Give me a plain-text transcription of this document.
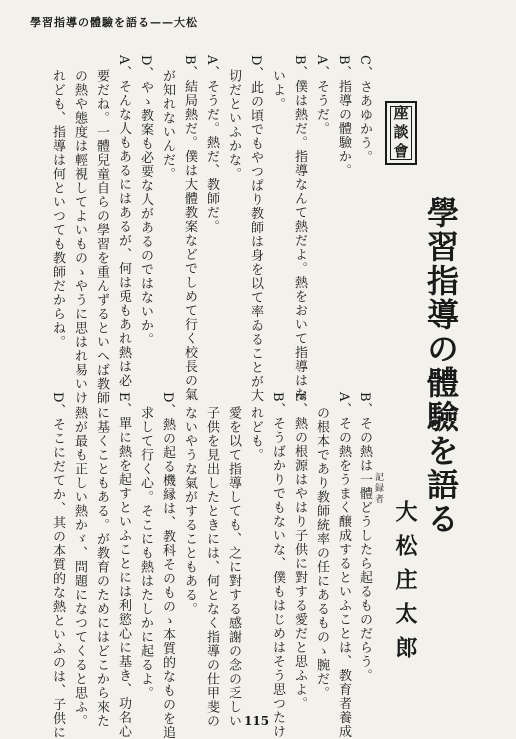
學習指導の體驗を語る——大松
C、さあゆかう。
B、指導の體驗か。
A、そうだ。
B、僕は熱だ。指導なんて熱だよ。熱をおいて指導はな
　いよ。
D、此の頃でもやつぱり教師は身を以て率ゐることが大
　切だといふかな。
A、そうだ。熱だ、教師だ。
B、結局熱だ。僕は大體教案などでしめて行く校長の氣
　が知れないんだ。
D、やゝ教案も必要な人があるのではないか。
A、そんな人もあるにはあるが、何は兎もあれ熱は必
　要だね。一體兒童自らの學習を重んずるといへば教師
　の熱や態度は輕視してよいものゝやうに思はれ易いけ
　れども、指導は何といつても教師だからね。	座談會
學習指導の體驗を語る
記録者
大松庄太郎
B、その熱は一體どうしたら起るものだらう。
A、その熱をうまく醸成するといふことは、教育者養成
　の根本であり教師統率の任にあるものゝ腕だ。
E、熱の根源はやはり子供に對する愛だと思ふよ。
B、そうばかりでもないな、僕もはじめはそう思つたけ
　れども。
　愛を以て指導しても、之に對する感謝の念の乏しい
　子供を見出したときには、何となく指導の仕甲斐の
　ないやうな氣がすることもある。
D、熱の起る機縁は、教科そのものゝ本質的なものを追
　求して行く心。そこにも熱はたしかに起るよ。
E、單に熱を起すといふことには利慾心に基き、功名心
　に基くこともある。が教育のためにはどこから來た
　熱が最も正しい熱かゞ、問題になつてくると思ふ。
D、そこにだてか、其の本質的な熱といふのは、子供に	115
